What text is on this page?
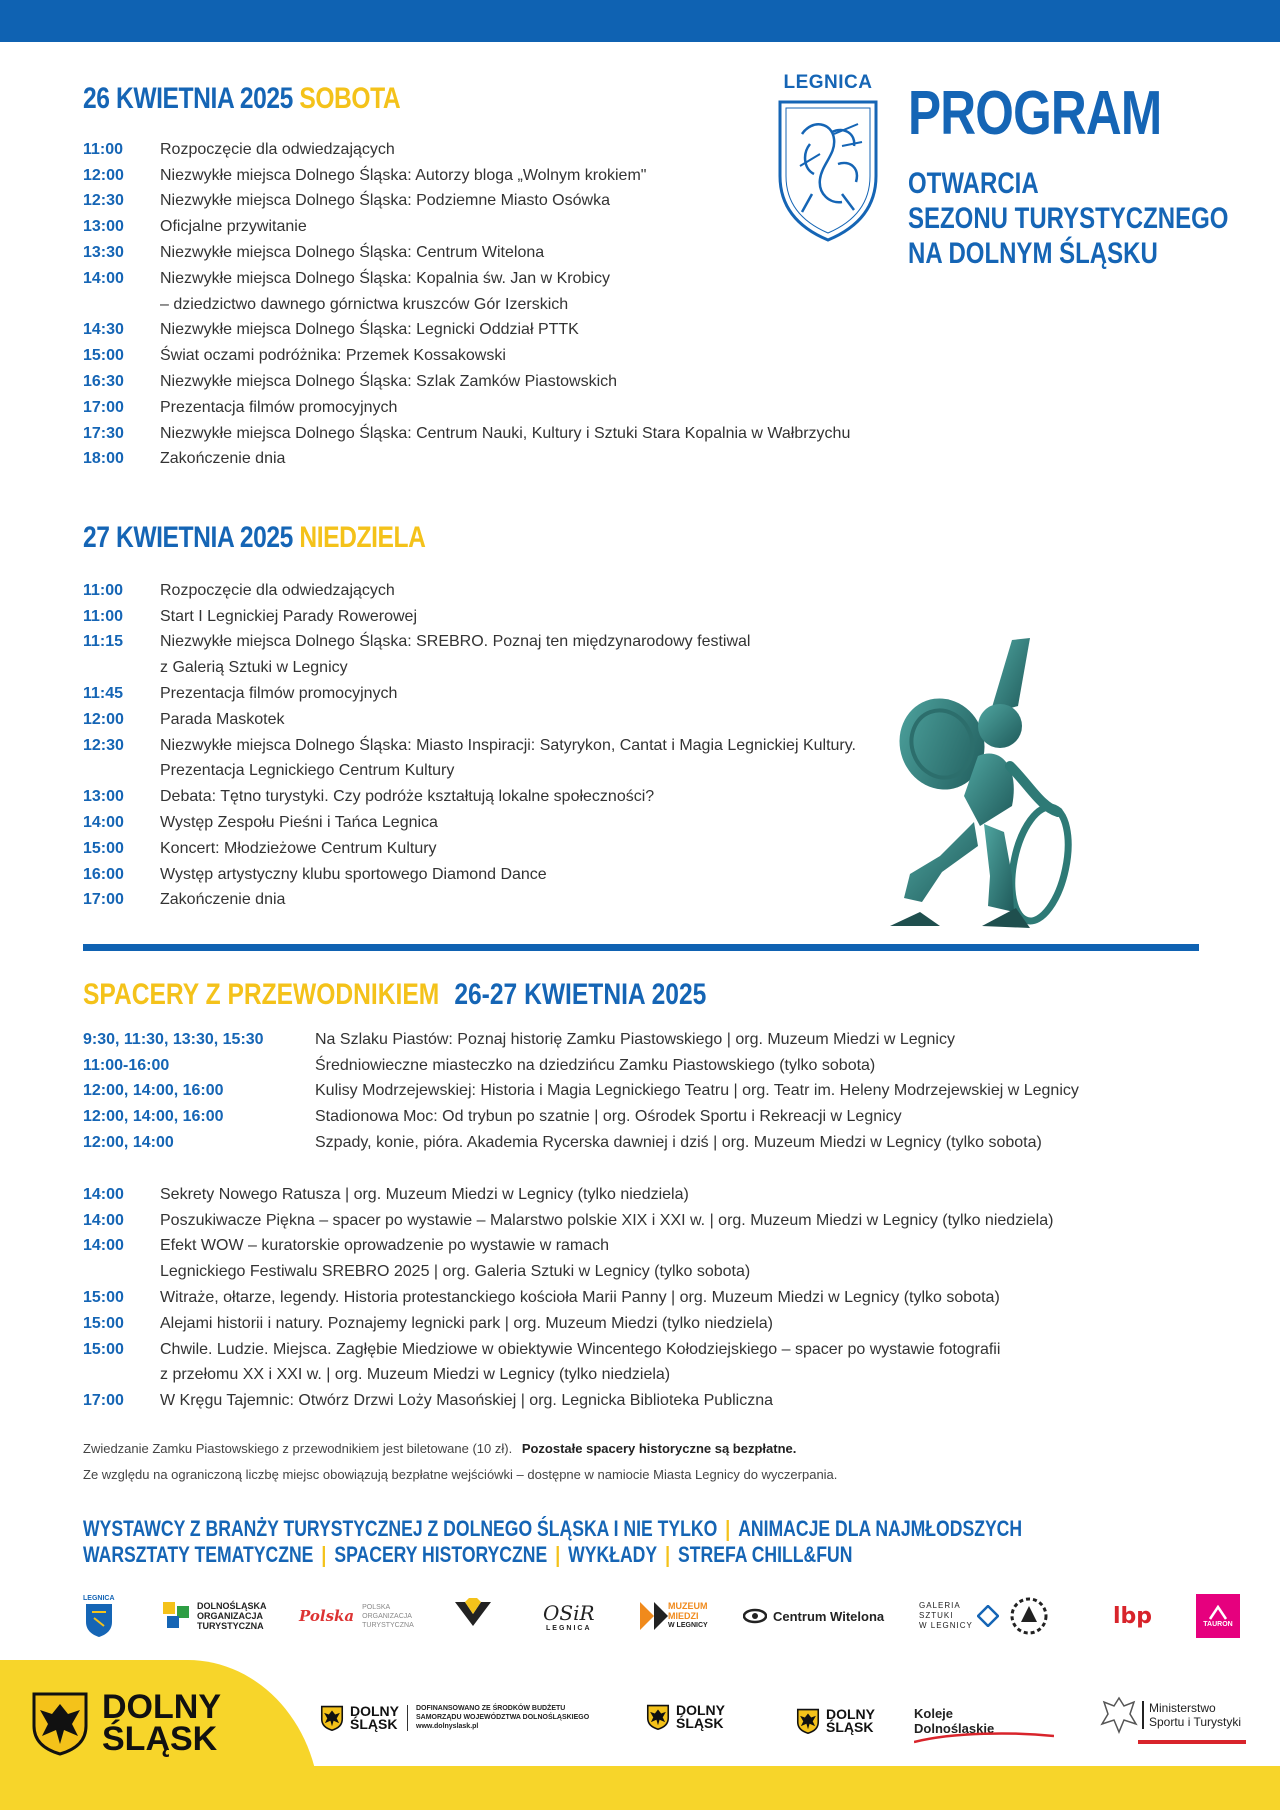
26 KWIETNIA 2025 SOBOTA
11:00	Rozpoczęcie dla odwiedzających
12:00	Niezwykłe miejsca Dolnego Śląska: Autorzy bloga „Wolnym krokiem"
12:30	Niezwykłe miejsca Dolnego Śląska: Podziemne Miasto Osówka
13:00	Oficjalne przywitanie
13:30	Niezwykłe miejsca Dolnego Śląska: Centrum Witelona
14:00	Niezwykłe miejsca Dolnego Śląska: Kopalnia św. Jan w Krobicy
– dziedzictwo dawnego górnictwa kruszców Gór Izerskich
14:30	Niezwykłe miejsca Dolnego Śląska: Legnicki Oddział PTTK
15:00	Świat oczami podróżnika: Przemek Kossakowski
16:30	Niezwykłe miejsca Dolnego Śląska: Szlak Zamków Piastowskich
17:00	Prezentacja filmów promocyjnych
17:30	Niezwykłe miejsca Dolnego Śląska: Centrum Nauki, Kultury i Sztuki Stara Kopalnia w Wałbrzychu
18:00	Zakończenie dnia
LEGNICA PROGRAM
OTWARCIA
SEZONU TURYSTYCZNEGO
NA DOLNYM ŚLĄSKU
27 KWIETNIA 2025 NIEDZIELA
11:00	Rozpoczęcie dla odwiedzających
11:00	Start I Legnickiej Parady Rowerowej
11:15	Niezwykłe miejsca Dolnego Śląska: SREBRO. Poznaj ten międzynarodowy festiwal
z Galerią Sztuki w Legnicy
11:45	Prezentacja filmów promocyjnych
12:00	Parada Maskotek
12:30	Niezwykłe miejsca Dolnego Śląska: Miasto Inspiracji: Satyrykon, Cantat i Magia Legnickiej Kultury.
Prezentacja Legnickiego Centrum Kultury
13:00	Debata: Tętno turystyki. Czy podróże kształtują lokalne społeczności?
14:00	Występ Zespołu Pieśni i Tańca Legnica
15:00	Koncert: Młodzieżowe Centrum Kultury
16:00	Występ artystyczny klubu sportowego Diamond Dance
17:00	Zakończenie dnia
SPACERY Z PRZEWODNIKIEM 26-27 KWIETNIA 2025
9:30, 11:30, 13:30, 15:30	Na Szlaku Piastów: Poznaj historię Zamku Piastowskiego | org. Muzeum Miedzi w Legnicy
11:00-16:00	Średniowieczne miasteczko na dziedzińcu Zamku Piastowskiego (tylko sobota)
12:00, 14:00, 16:00	Kulisy Modrzejewskiej: Historia i Magia Legnickiego Teatru | org. Teatr im. Heleny Modrzejewskiej w Legnicy
12:00, 14:00, 16:00	Stadionowa Moc: Od trybun po szatnie | org. Ośrodek Sportu i Rekreacji w Legnicy
12:00, 14:00	Szpady, konie, pióra. Akademia Rycerska dawniej i dziś | org. Muzeum Miedzi w Legnicy (tylko sobota)
14:00	Sekrety Nowego Ratusza | org. Muzeum Miedzi w Legnicy (tylko niedziela)
14:00	Poszukiwacze Piękna – spacer po wystawie – Malarstwo polskie XIX i XXI w. | org. Muzeum Miedzi w Legnicy (tylko niedziela)
14:00	Efekt WOW – kuratorskie oprowadzenie po wystawie w ramach
Legnickiego Festiwalu SREBRO 2025 | org. Galeria Sztuki w Legnicy (tylko sobota)
15:00	Witraże, ołtarze, legendy. Historia protestanckiego kościoła Marii Panny | org. Muzeum Miedzi w Legnicy (tylko sobota)
15:00	Alejami historii i natury. Poznajemy legnicki park | org. Muzeum Miedzi (tylko niedziela)
15:00	Chwile. Ludzie. Miejsca. Zagłębie Miedziowe w obiektywie Wincentego Kołodziejskiego – spacer po wystawie fotografii
z przełomu XX i XXI w. | org. Muzeum Miedzi w Legnicy (tylko niedziela)
17:00	W Kręgu Tajemnic: Otwórz Drzwi Loży Masońskiej | org. Legnicka Biblioteka Publiczna
Zwiedzanie Zamku Piastowskiego z przewodnikiem jest biletowane (10 zł). Pozostałe spacery historyczne są bezpłatne.
Ze względu na ograniczoną liczbę miejsc obowiązują bezpłatne wejściówki – dostępne w namiocie Miasta Legnicy do wyczerpania.
WYSTAWCY Z BRANŻY TURYSTYCZNEJ Z DOLNEGO ŚLĄSKA I NIE TYLKO | ANIMACJE DLA NAJMŁODSZYCH
WARSZTATY TEMATYCZNE | SPACERY HISTORYCZNE | WYKŁADY | STREFA CHILL&FUN
LEGNICA
DOLNOŚLĄSKA
ORGANIZACJA
TURYSTYCZNA
Polska POLSKA
ORGANIZACJA
TURYSTYCZNA
OSiR
LEGNICA
MUZEUM
MIEDZI
W LEGNICY
Centrum Witelona
GALERIA
SZTUKI
W LEGNICY	lbp	TAURON
DOLNY
ŚLĄSK
DOLNY
ŚLĄSK
DOFINANSOWANO ZE ŚRODKÓW BUDŻETU
SAMORZĄDU WOJEWÓDZTWA DOLNOŚLĄSKIEGO
www.dolnyslask.pl
DOLNY
ŚLĄSK
DOLNY
ŚLĄSK
Koleje
Dolnośląskie
Ministerstwo
Sportu i Turystyki
